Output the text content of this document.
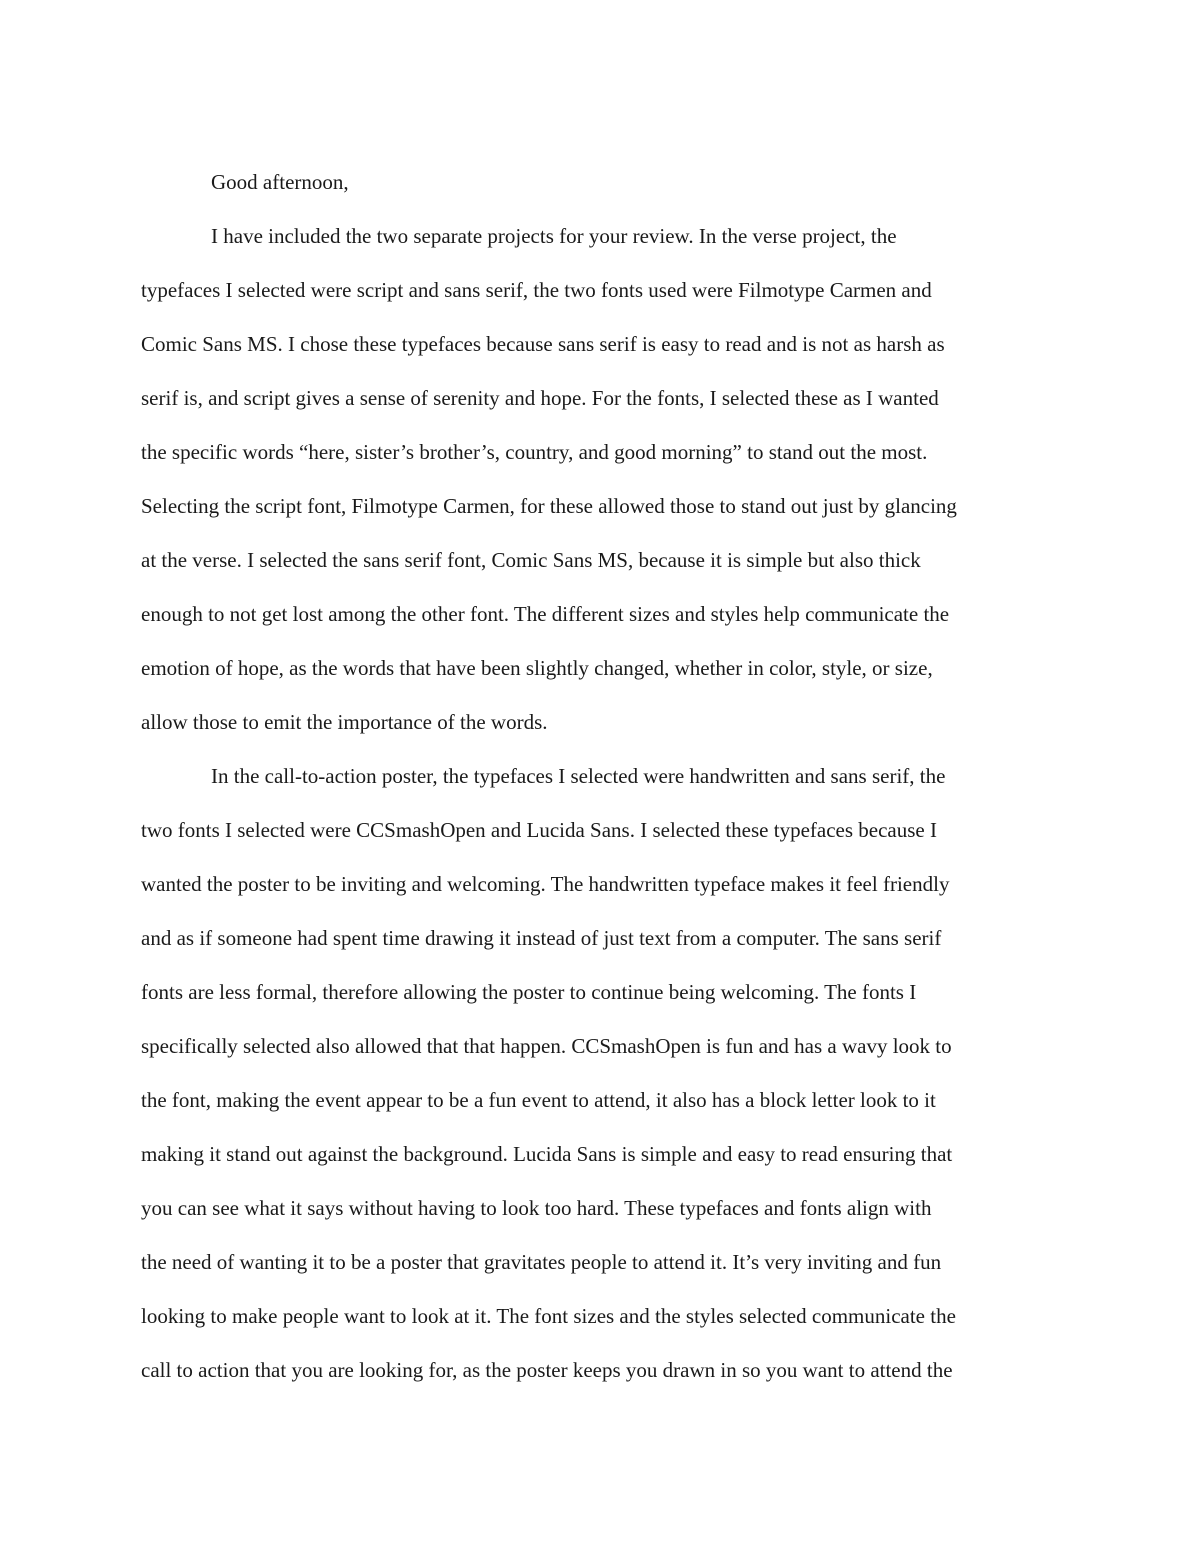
Good afternoon,
I have included the two separate projects for your review. In the verse project, the
typefaces I selected were script and sans serif, the two fonts used were Filmotype Carmen and
Comic Sans MS. I chose these typefaces because sans serif is easy to read and is not as harsh as
serif is, and script gives a sense of serenity and hope. For the fonts, I selected these as I wanted
the specific words “here, sister’s brother’s, country, and good morning” to stand out the most.
Selecting the script font, Filmotype Carmen, for these allowed those to stand out just by glancing
at the verse. I selected the sans serif font, Comic Sans MS, because it is simple but also thick
enough to not get lost among the other font. The different sizes and styles help communicate the
emotion of hope, as the words that have been slightly changed, whether in color, style, or size,
allow those to emit the importance of the words.
In the call-to-action poster, the typefaces I selected were handwritten and sans serif, the
two fonts I selected were CCSmashOpen and Lucida Sans. I selected these typefaces because I
wanted the poster to be inviting and welcoming. The handwritten typeface makes it feel friendly
and as if someone had spent time drawing it instead of just text from a computer. The sans serif
fonts are less formal, therefore allowing the poster to continue being welcoming. The fonts I
specifically selected also allowed that that happen. CCSmashOpen is fun and has a wavy look to
the font, making the event appear to be a fun event to attend, it also has a block letter look to it
making it stand out against the background. Lucida Sans is simple and easy to read ensuring that
you can see what it says without having to look too hard. These typefaces and fonts align with
the need of wanting it to be a poster that gravitates people to attend it. It’s very inviting and fun
looking to make people want to look at it. The font sizes and the styles selected communicate the
call to action that you are looking for, as the poster keeps you drawn in so you want to attend the
